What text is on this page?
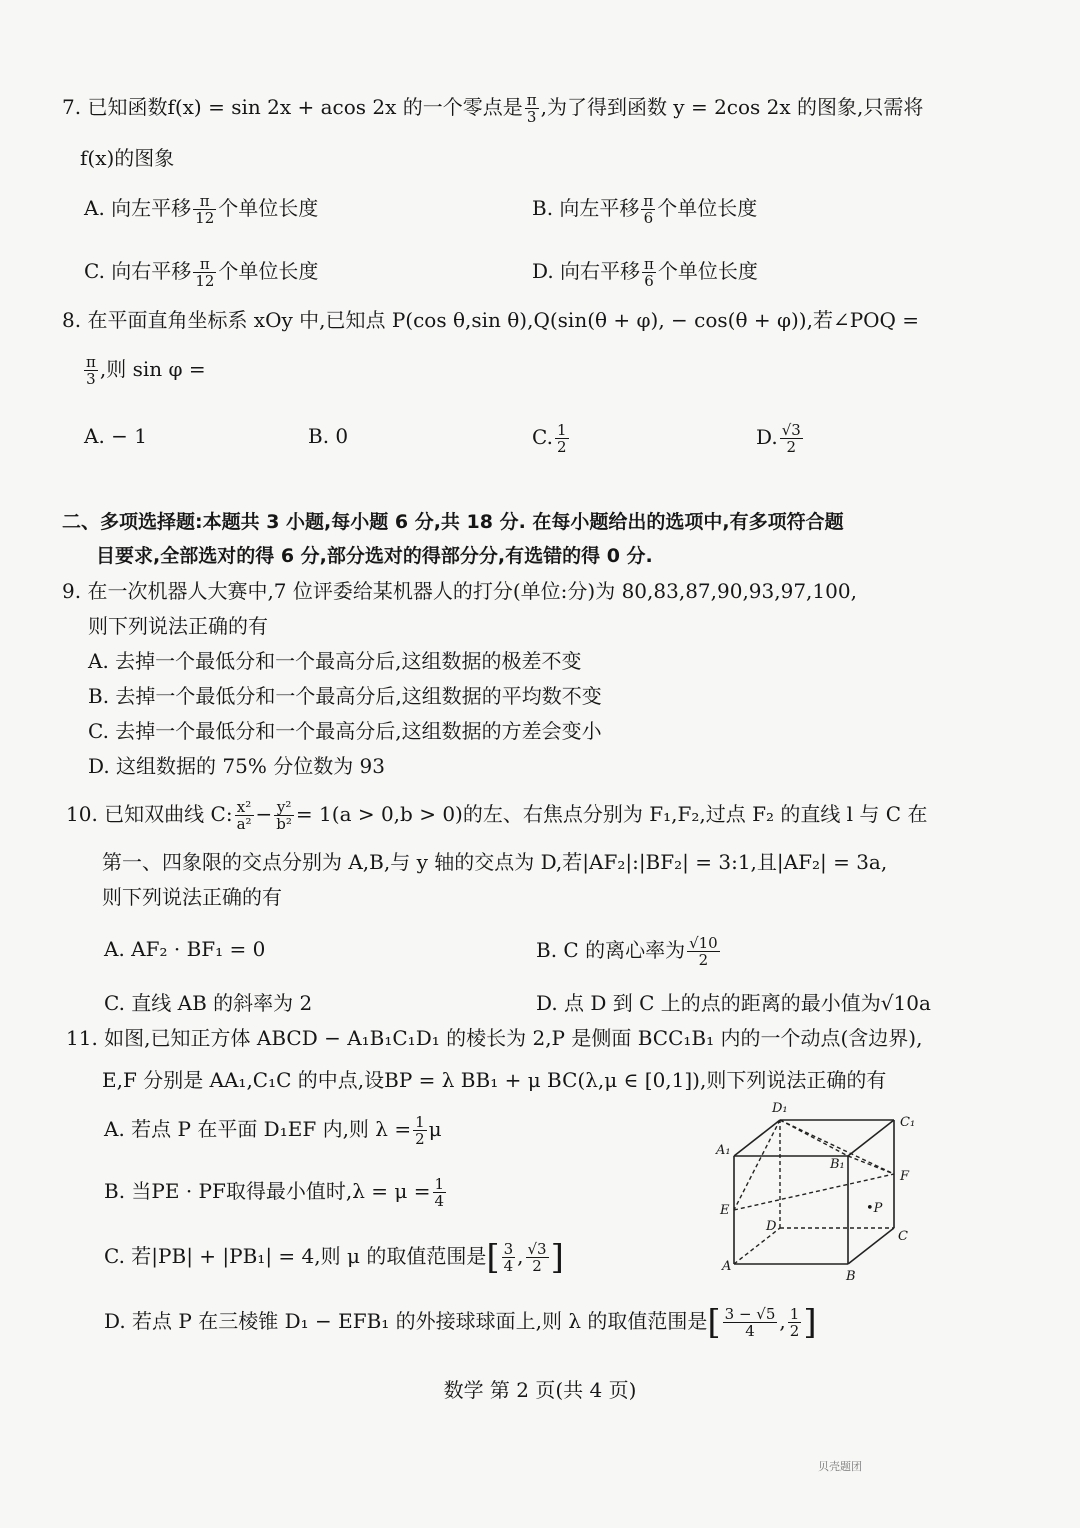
7. 已知函数f(x) = sin 2x + acos 2x 的一个零点是 $\frac{\pi}{3}$ ,为了得到函数 y = 2cos 2x 的图象,只需将
f(x)的图象
A. 向左平移 $\frac{\pi}{12}$ 个单位长度	B. 向左平移 $\frac{\pi}{6}$ 个单位长度
C. 向右平移 $\frac{\pi}{12}$ 个单位长度	D. 向右平移 $\frac{\pi}{6}$ 个单位长度
8. 在平面直角坐标系 xOy 中,已知点 P(cos θ,sin θ),Q(sin(θ + φ), − cos(θ + φ)),若∠POQ =
$\frac{\pi}{3}$ ,则 sin φ =
A. − 1	B. 0	C. $\frac{1}{2}$	D. $\frac{√3}{2}$
二、多项选择题:本题共 3 小题,每小题 6 分,共 18 分. 在每小题给出的选项中,有多项符合题
目要求,全部选对的得 6 分,部分选对的得部分分,有选错的得 0 分.
9. 在一次机器人大赛中,7 位评委给某机器人的打分(单位:分)为 80,83,87,90,93,97,100,
则下列说法正确的有
A. 去掉一个最低分和一个最高分后,这组数据的极差不变
B. 去掉一个最低分和一个最高分后,这组数据的平均数不变
C. 去掉一个最低分和一个最高分后,这组数据的方差会变小
D. 这组数据的 75% 分位数为 93
10. 已知双曲线 C: $\frac{\text{x²}}{\text{a²}} - \frac{\text{y²}}{\text{b²}} = 1(a > 0,b > 0)$的左、右焦点分别为 F₁,F₂,过点 F₂ 的直线 l 与 C 在
第一、四象限的交点分别为 A,B,与 y 轴的交点为 D,若|AF₂|:|BF₂| = 3:1,且|AF₂| = 3a,
则下列说法正确的有
A. AF₂ · BF₁ = 0	B. C 的离心率为 $\frac{√10}{2}$
C. 直线 AB 的斜率为 2	D. 点 D 到 C 上的点的距离的最小值为√10a
11. 如图,已知正方体 ABCD − A₁B₁C₁D₁ 的棱长为 2,P 是侧面 BCC₁B₁ 内的一个动点(含边界),
E,F 分别是 AA₁,C₁C 的中点,设BP = λ BB₁ + μ BC(λ,μ ∈ [0,1]),则下列说法正确的有
A. 若点 P 在平面 D₁EF 内,则 $\lambda = \frac{1}{2}$ μ
B. 当PE · PF取得最小值时$,\lambda = \mu = \frac{1}{4}$
C. 若|PB| + |PB₁| = 4,则 μ 的取值范围是[ $\frac{3}{4}$ , $\frac{√3}{2}$ ]
D. 若点 P 在三棱锥 D₁ − EFB₁ 的外接球球面上,则 λ 的取值范围是[ $\frac{3 - √5}{4}$ , $\frac{1}{2}$ ]
A
B
C
D
A₁
B₁
C₁
D₁
E
F
•P
数学 第 2 页(共 4 页)
贝壳题团
